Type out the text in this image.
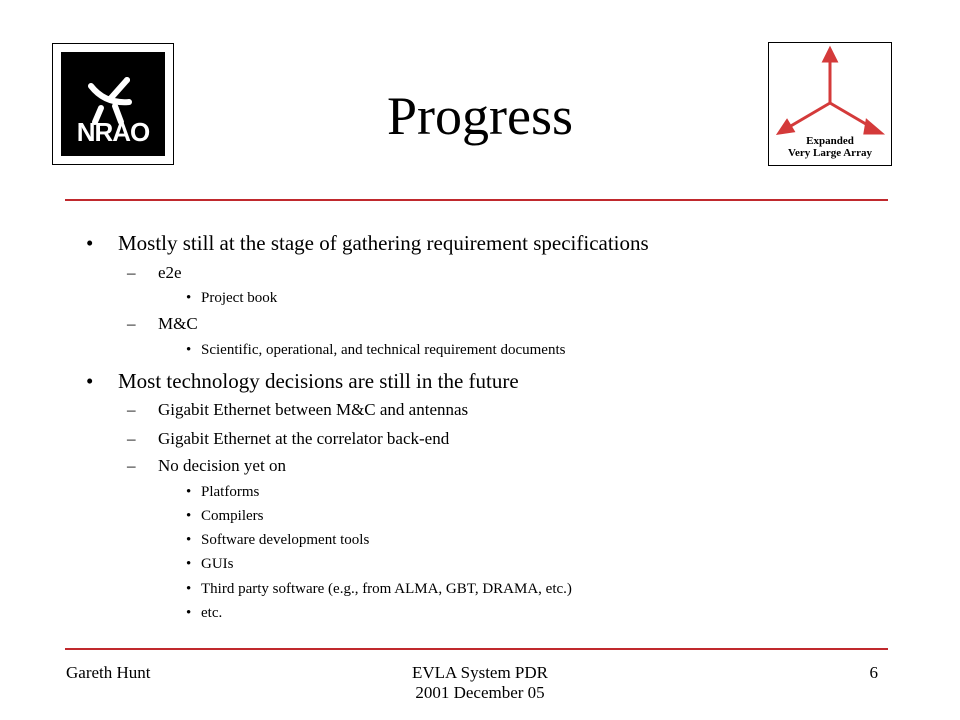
NRAO	Expanded
Very Large Array
Progress
• Mostly still at the stage of gathering requirement specifications
– e2e
• Project book
– M&C
• Scientific, operational, and technical requirement documents
• Most technology decisions are still in the future
– Gigabit Ethernet between M&C and antennas
– Gigabit Ethernet at the correlator back-end
– No decision yet on
• Platforms
• Compilers
• Software development tools
• GUIs
• Third party software (e.g., from ALMA, GBT, DRAMA, etc.)
• etc.
Gareth Hunt	EVLA System PDR
2001 December 05
6
